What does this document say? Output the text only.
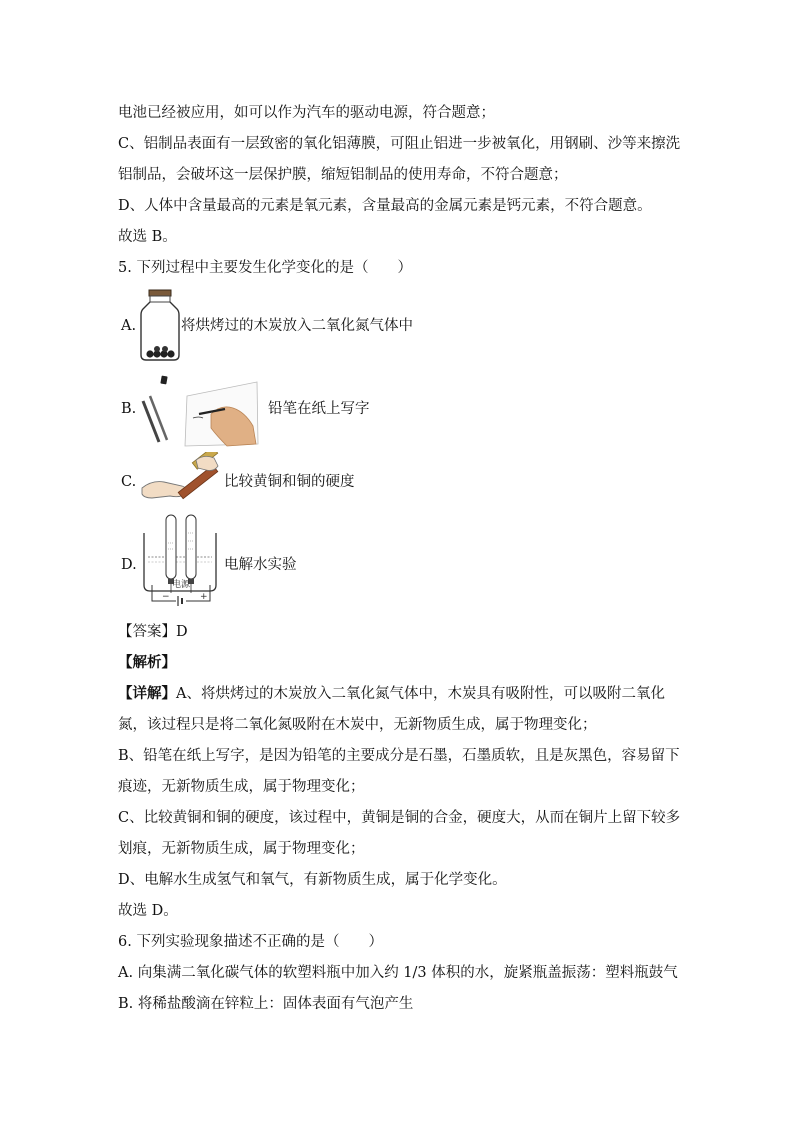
电池已经被应用，如可以作为汽车的驱动电源，符合题意；
C、铝制品表面有一层致密的氧化铝薄膜，可阻止铝进一步被氧化，用钢刷、沙等来擦洗
铝制品，会破坏这一层保护膜，缩短铝制品的使用寿命，不符合题意；
D、人体中含量最高的元素是氧元素，含量最高的金属元素是钙元素，不符合题意。
故选 B。
5. 下列过程中主要发生化学变化的是（　　）
A.	将烘烤过的木炭放入二氧化氮气体中
B.	铅笔在纸上写字
C.	比较黄铜和铜的硬度
D.
电源
−	+
电解水实验
【答案】D
【解析】
【详解】A、将烘烤过的木炭放入二氧化氮气体中，木炭具有吸附性，可以吸附二氧化
氮，该过程只是将二氧化氮吸附在木炭中，无新物质生成，属于物理变化；
B、铅笔在纸上写字，是因为铅笔的主要成分是石墨，石墨质软，且是灰黑色，容易留下
痕迹，无新物质生成，属于物理变化；
C、比较黄铜和铜的硬度，该过程中，黄铜是铜的合金，硬度大，从而在铜片上留下较多
划痕，无新物质生成，属于物理变化；
D、电解水生成氢气和氧气，有新物质生成，属于化学变化。
故选 D。
6. 下列实验现象描述不正确的是（　　）
A. 向集满二氧化碳气体的软塑料瓶中加入约 1/3 体积的水，旋紧瓶盖振荡：塑料瓶鼓气
B. 将稀盐酸滴在锌粒上：固体表面有气泡产生
